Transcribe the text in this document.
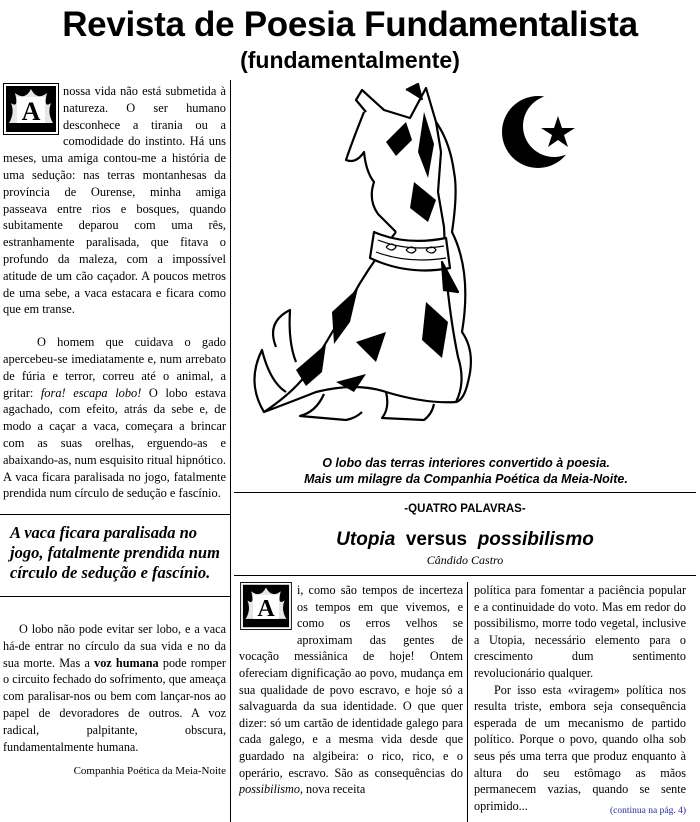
Revista de Poesia Fundamentalista
(fundamentalmente)
A

nossa vida não está submetida à natureza. O ser humano desconhece a tirania ou a comodidade do instinto. Há uns meses, uma amiga contou-me a história de uma sedução: nas terras montanhesas da província de Ourense, minha amiga passeava entre rios e bosques, quando subitamente deparou com uma rês, estranhamente paralisada, que fitava o profundo da maleza, com a impossível atitude de um cão caçador. A poucos metros de uma sebe, a vaca estacara e ficara como que em transe.

O homem que cuidava o gado apercebeu-se imediatamente e, num arrebato de fúria e terror, correu até o animal, a gritar: fora! escapa lobo! O lobo estava agachado, com efeito, atrás da sebe e, de modo a caçar a vaca, começara a brincar com as suas orelhas, erguendo-as e abaixando-as, num esquisito ritual hipnótico. A vaca ficara paralisada no jogo, fatalmente prendida num círculo de sedução e fascínio.

A vaca ficara paralisada no
jogo, fatalmente prendida num
círculo de sedução e fascínio.

O lobo não pode evitar ser lobo, e a vaca há-de entrar no círculo da sua vida e no da sua morte. Mas a voz humana pode romper o circuito fechado do sofrimento, que ameaça com paralisar-nos ou bem com lançar-nos ao papel de devoradores de outros. A voz radical, palpitante, obscura, fundamentalmente humana.

Companhia Poética da Meia-Noite
O lobo das terras interiores convertido à poesia.
Mais um milagre da Companhia Poética da Meia-Noite.
-QUATRO PALAVRAS-
Utopia versus possibilismo
Cândido Castro
A

i, como são tempos de incerteza os tempos em que vivemos, e como os erros velhos se aproximam das gentes de vocação messiânica de hoje! Ontem ofereciam dignificação ao povo, mudança em sua qualidade de povo escravo, e hoje só a salvaguarda da sua identidade. O que quer dizer: só um cartão de identidade galego para cada galego, e a mesma vida desde que guardado na algibeira: o rico, rico, e o operário, escravo. São as consequências do possibilismo, nova receita

política para fomentar a paciência popular e a continuidade do voto. Mas em redor do possibilismo, morre todo vegetal, inclusive a Utopia, necessário elemento para o crescimento dum sentimento revolucionário qualquer.

Por isso esta «viragem» política nos resulta triste, embora seja consequência esperada de um mecanismo de partido político. Porque o povo, quando olha sob seus pés uma terra que produz enquanto à altura do seu estômago as mãos permanecem vazias, quando se sente oprimido...	(continua na pág. 4)
